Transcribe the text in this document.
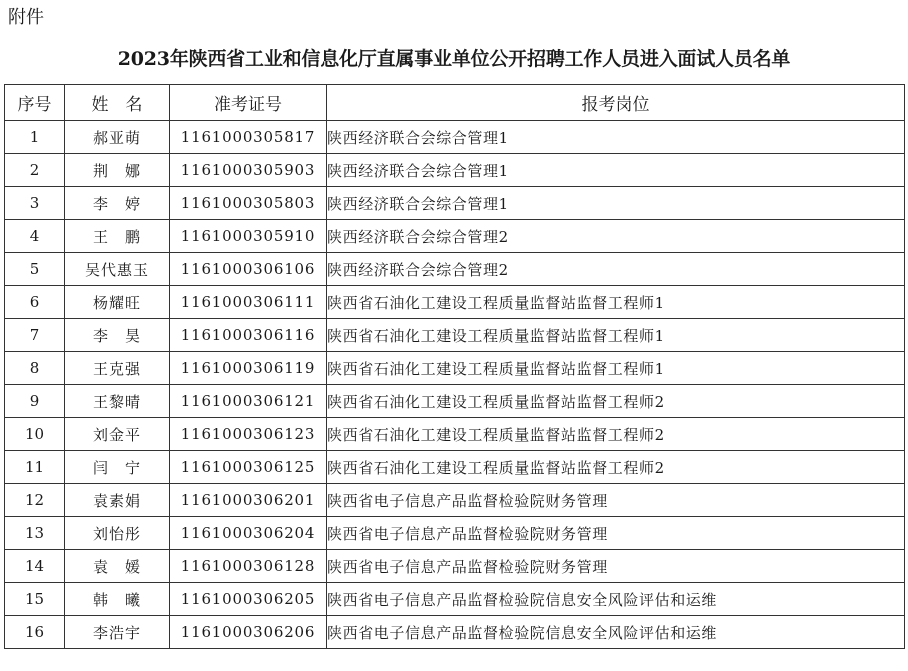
附件

2023年陕西省工业和信息化厅直属事业单位公开招聘工作人员进入面试人员名单
序号	姓　名	准考证号	报考岗位
1	郝亚萌	1161000305817	陕西经济联合会综合管理1
2	荆　娜	1161000305903	陕西经济联合会综合管理1
3	李　婷	1161000305803	陕西经济联合会综合管理1
4	王　鹏	1161000305910	陕西经济联合会综合管理2
5	吴代惠玉	1161000306106	陕西经济联合会综合管理2
6	杨耀旺	1161000306111	陕西省石油化工建设工程质量监督站监督工程师1
7	李　昊	1161000306116	陕西省石油化工建设工程质量监督站监督工程师1
8	王克强	1161000306119	陕西省石油化工建设工程质量监督站监督工程师1
9	王黎晴	1161000306121	陕西省石油化工建设工程质量监督站监督工程师2
10	刘金平	1161000306123	陕西省石油化工建设工程质量监督站监督工程师2
11	闫　宁	1161000306125	陕西省石油化工建设工程质量监督站监督工程师2
12	袁素娟	1161000306201	陕西省电子信息产品监督检验院财务管理
13	刘怡彤	1161000306204	陕西省电子信息产品监督检验院财务管理
14	袁　媛	1161000306128	陕西省电子信息产品监督检验院财务管理
15	韩　曦	1161000306205	陕西省电子信息产品监督检验院信息安全风险评估和运维
16	李浩宇	1161000306206	陕西省电子信息产品监督检验院信息安全风险评估和运维
